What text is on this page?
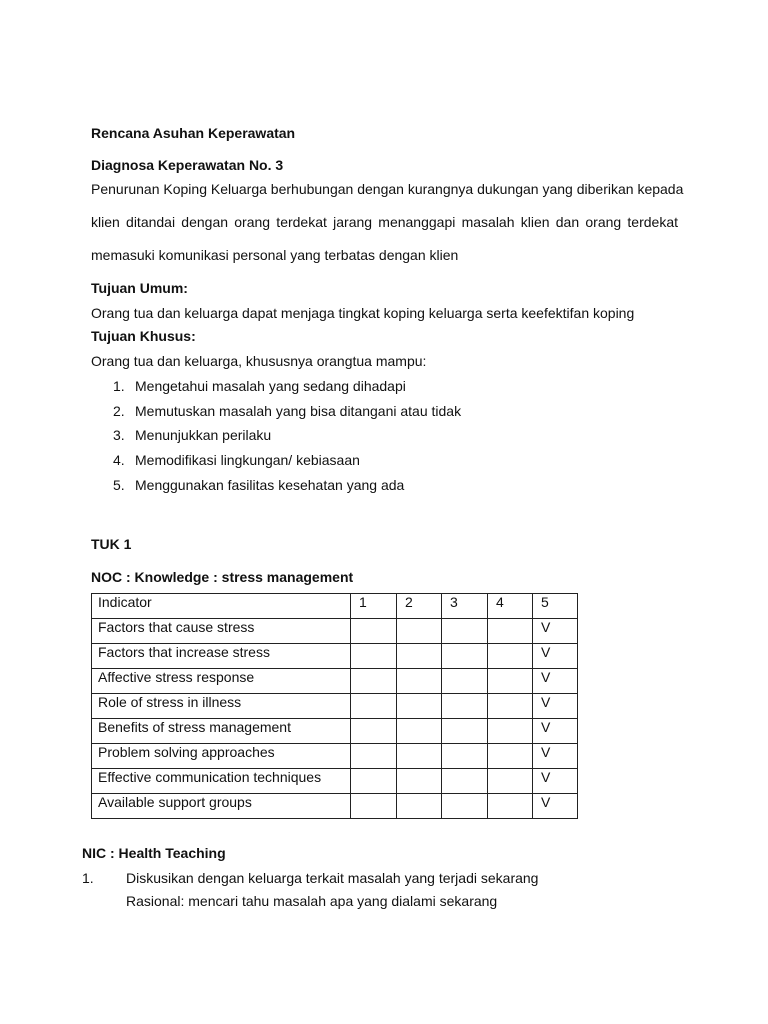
Rencana Asuhan Keperawatan
Diagnosa Keperawatan No. 3
Penurunan Koping Keluarga berhubungan dengan kurangnya dukungan yang diberikan kepada
klien ditandai dengan orang terdekat jarang menanggapi masalah klien dan orang terdekat
memasuki komunikasi personal yang terbatas dengan klien
Tujuan Umum:
Orang tua dan keluarga dapat menjaga tingkat koping keluarga serta keefektifan koping
Tujuan Khusus:
Orang tua dan keluarga, khususnya orangtua mampu:
1. Mengetahui masalah yang sedang dihadapi
2. Memutuskan masalah yang bisa ditangani atau tidak
3. Menunjukkan perilaku
4. Memodifikasi lingkungan/ kebiasaan
5. Menggunakan fasilitas kesehatan yang ada
TUK 1
NOC : Knowledge : stress management
Indicator	1	2	3	4	5
Factors that cause stress					V
Factors that increase stress					V
Affective stress response					V
Role of stress in illness					V
Benefits of stress management					V
Problem solving approaches					V
Effective communication techniques					V
Available support groups					V
NIC : Health Teaching
1. Diskusikan dengan keluarga terkait masalah yang terjadi sekarang
Rasional: mencari tahu masalah apa yang dialami sekarang
